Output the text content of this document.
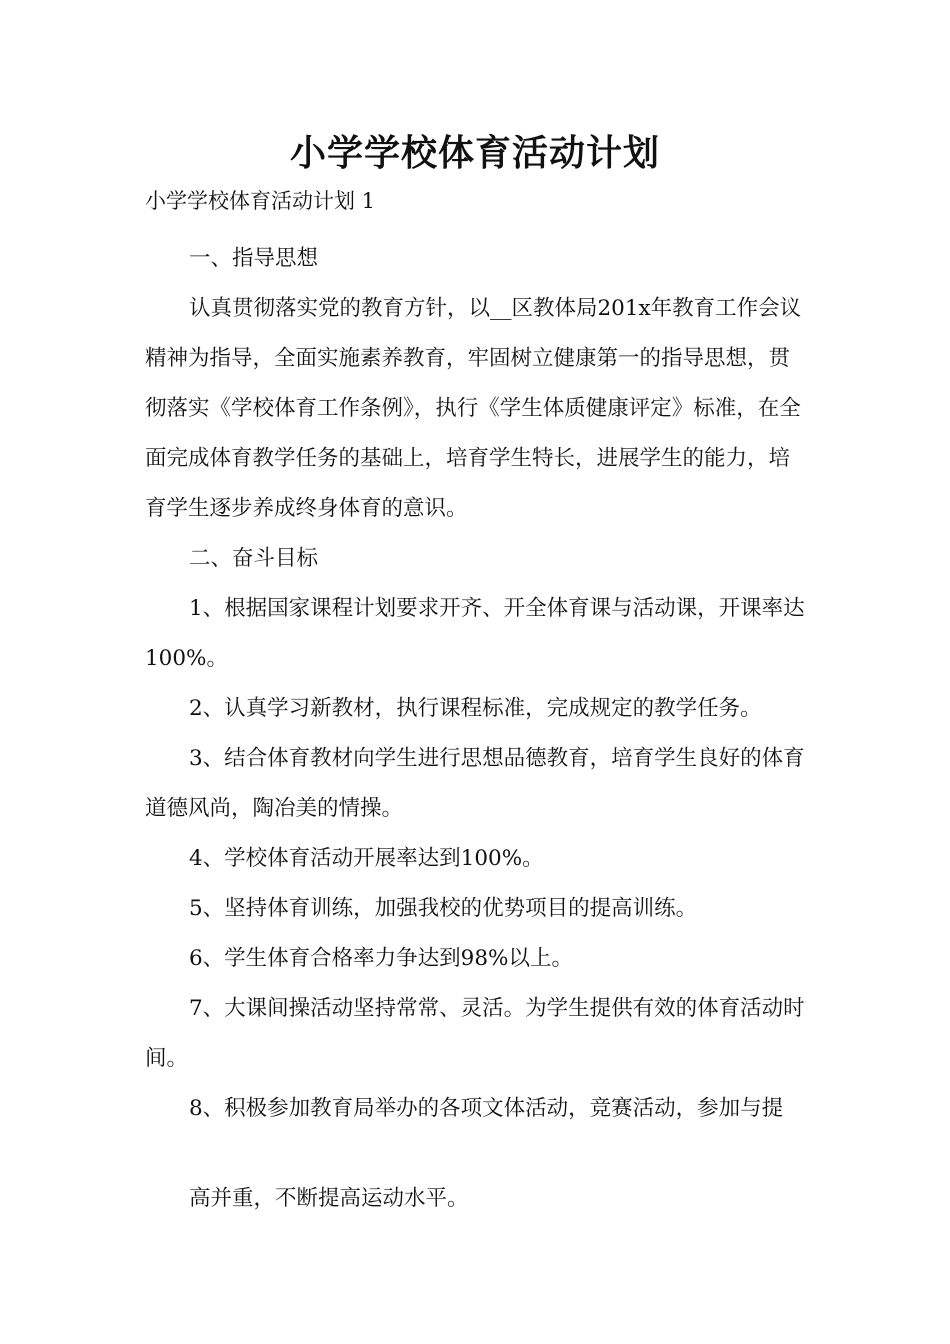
小学学校体育活动计划

小学学校体育活动计划 1

一、指导思想

认真贯彻落实党的教育方针，以__区教体局201x年教育工作会议精神为指导，全面实施素养教育，牢固树立健康第一的指导思想，贯彻落实《学校体育工作条例》，执行《学生体质健康评定》标准，在全面完成体育教学任务的基础上，培育学生特长，进展学生的能力，培育学生逐步养成终身体育的意识。

二、奋斗目标

1、根据国家课程计划要求开齐、开全体育课与活动课，开课率达100%。

2、认真学习新教材，执行课程标准，完成规定的教学任务。

3、结合体育教材向学生进行思想品德教育，培育学生良好的体育道德风尚，陶冶美的情操。

4、学校体育活动开展率达到100%。

5、坚持体育训练，加强我校的优势项目的提高训练。

6、学生体育合格率力争达到98%以上。

7、大课间操活动坚持常常、灵活。为学生提供有效的体育活动时间。

8、积极参加教育局举办的各项文体活动，竞赛活动，参加与提

高并重，不断提高运动水平。
